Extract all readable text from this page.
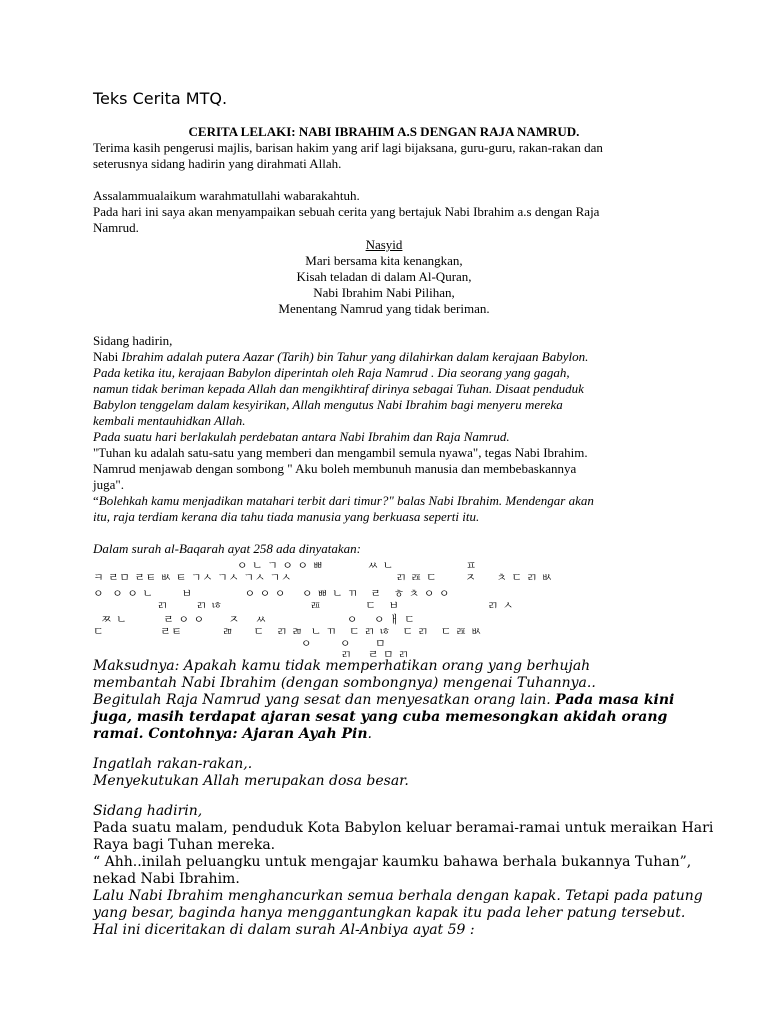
Teks Cerita MTQ.
CERITA LELAKI: NABI IBRAHIM A.S DENGAN RAJA NAMRUD.
Terima kasih pengerusi majlis, barisan hakim yang arif lagi bijaksana, guru-guru, rakan-rakan dan
seterusnya sidang hadirin yang dirahmati Allah.
Assalammualaikum warahmatullahi wabarakahtuh.
Pada hari ini saya akan menyampaikan sebuah cerita yang bertajuk Nabi Ibrahim a.s dengan Raja
Namrud.
Nasyid
Mari bersama kita kenangkan,
Kisah teladan di dalam Al-Quran,
Nabi Ibrahim Nabi Pilihan,
Menentang Namrud yang tidak beriman.
Sidang hadirin,
Nabi Ibrahim adalah putera Aazar (Tarih) bin Tahur yang dilahirkan dalam kerajaan Babylon.
Pada ketika itu, kerajaan Babylon diperintah oleh Raja Namrud . Dia seorang yang gagah,
namun tidak beriman kepada Allah dan mengikhtiraf dirinya sebagai Tuhan. Disaat penduduk
Babylon tenggelam dalam kesyirikan, Allah mengutus Nabi Ibrahim bagi menyeru mereka
kembali mentauhidkan Allah.
Pada suatu hari berlakulah perdebatan antara Nabi Ibrahim dan Raja Namrud.
"Tuhan ku adalah satu-satu yang memberi dan mengambil semula nyawa", tegas Nabi Ibrahim.
Namrud menjawab dengan sombong " Aku boleh membunuh manusia dan membebaskannya
juga".
“Bolehkah kamu menjadikan matahari terbit dari timur?" balas Nabi Ibrahim. Mendengar akan
itu, raja terdiam kerana dia tahu tiada manusia yang berkuasa seperti itu.
Dalam surah al-Baqarah ayat 258 ada dinyatakan:
ㅇ ㄴ ㄱ ㅇ ㅇ ㅃ           ㅆ ㄴ                  ㅍ
ㅋ ㄹㅁ ㄹㅌ ㅄ ㅌ ㄱㅅ ㄱㅅ ㄱㅅ ㄱㅅ                          ㄺ ㄿ ㄷ       ㅈ     ㅊ ㄷ ㄺ ㅄ
ㅇ  ㅇ ㅇ ㄴ       ㅂ             ㅇ ㅇ ㅇ    ㅇ ㅃ ㄴ ㄲ   ㄹ   ㅎ ㅊ ㅇ ㅇ
ㄺ       ㄺ ㄶ                      ㄿ           ㄷ   ㅂ                      ㄺ ㅅ
ㅉ ㄴ         ㄹ ㅇ ㅇ      ㅈ    ㅆ                    ㅇ    ㅇ ㅐ ㄷ
ㄷ              ㄹㅌ          ㄻ     ㄷ   ㄺ ㄻ  ㄴ ㄲ   ㄷ ㄺ ㄶ   ㄷ ㄺ   ㄷ ㄿ ㅄ
ㅇ       ㅇ      ㅁ
ㄺ    ㄹ ㅁ ㄺ
Maksudnya: Apakah kamu tidak memperhatikan orang yang berhujah
membantah Nabi Ibrahim (dengan sombongnya) mengenai Tuhannya..
Begitulah Raja Namrud yang sesat dan menyesatkan orang lain. Pada masa kini
juga, masih terdapat ajaran sesat yang cuba memesongkan akidah orang
ramai. Contohnya: Ajaran Ayah Pin.
Ingatlah rakan-rakan,.
Menyekutukan Allah merupakan dosa besar.
Sidang hadirin,
Pada suatu malam, penduduk Kota Babylon keluar beramai-ramai untuk meraikan Hari
Raya bagi Tuhan mereka.
“ Ahh..inilah peluangku untuk mengajar kaumku bahawa berhala bukannya Tuhan”,
nekad Nabi Ibrahim.
Lalu Nabi Ibrahim menghancurkan semua berhala dengan kapak. Tetapi pada patung
yang besar, baginda hanya menggantungkan kapak itu pada leher patung tersebut.
Hal ini diceritakan di dalam surah Al-Anbiya ayat 59 :
